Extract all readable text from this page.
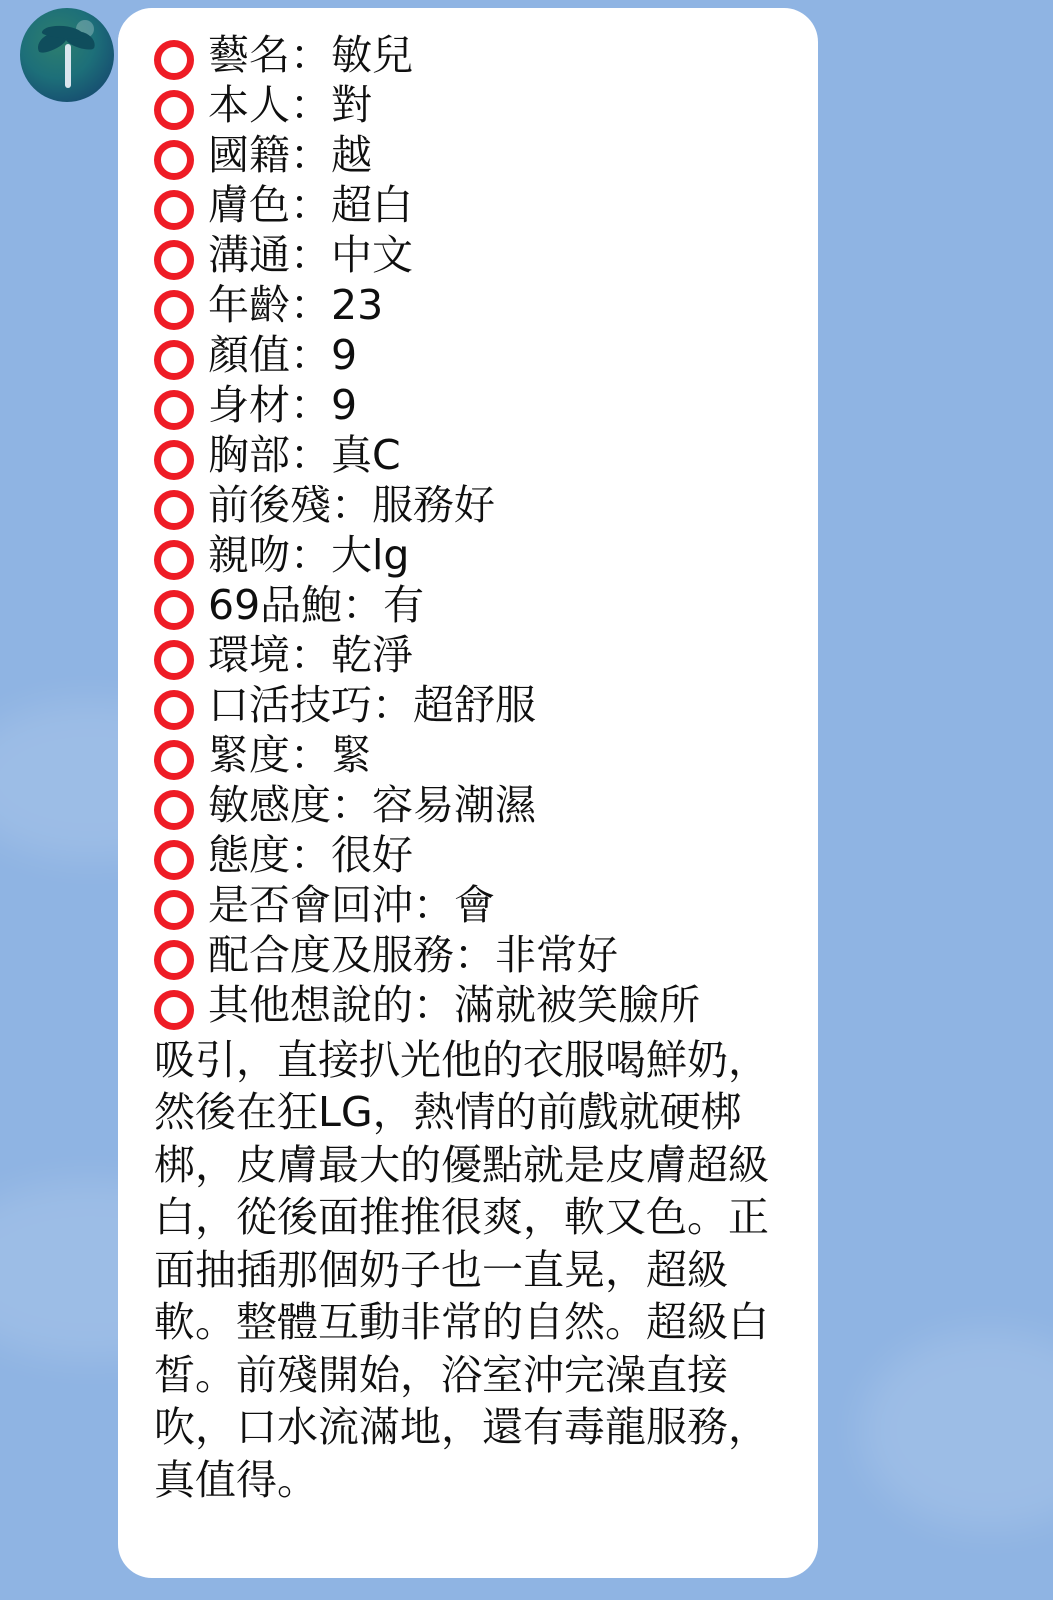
藝名：敏兒
本人：對
國籍：越
膚色：超白
溝通：中文
年齡：23
顏值：9
身材：9
胸部：真C
前後殘：服務好
親吻：大lg
69品鮑：有
環境：乾淨
口活技巧：超舒服
緊度：緊
敏感度：容易潮濕
態度：很好
是否會回沖：會
配合度及服務：非常好
其他想說的：滿就被笑臉所
吸引，直接扒光他的衣服喝鮮奶，然後在狂LG，熱情的前戲就硬梆梆，皮膚最大的優點就是皮膚超級白，從後面推推很爽，軟又色。正面抽插那個奶子也一直晃，超級軟。整體互動非常的自然。超級白皙。前殘開始，浴室沖完澡直接吹，口水流滿地，還有毒龍服務，真值得。
